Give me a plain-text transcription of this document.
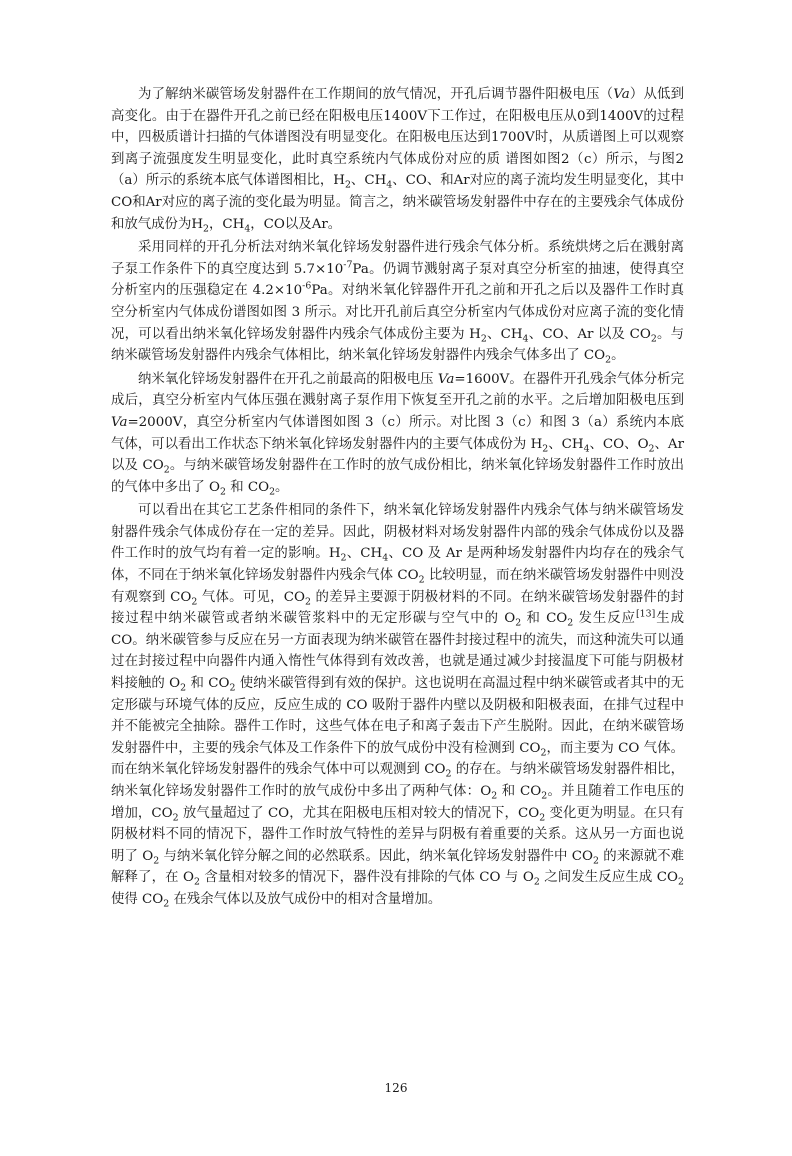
为了解纳米碳管场发射器件在工作期间的放气情况，开孔后调节器件阳极电压（Va）从低到高变化。由于在器件开孔之前已经在阳极电压1400V下工作过，在阳极电压从0到1400V的过程中，四极质谱计扫描的气体谱图没有明显变化。在阳极电压达到1700V时，从质谱图上可以观察到离子流强度发生明显变化，此时真空系统内气体成份对应的质 谱图如图2（c）所示，与图2（a）所示的系统本底气体谱图相比，$H_2$、$CH_4$、CO、和Ar对应的离子流均发生明显变化，其中CO和Ar对应的离子流的变化最为明显。简言之，纳米碳管场发射器件中存在的主要残余气体成份和放气成份为$H_2$，$CH_4$，CO以及Ar。

采用同样的开孔分析法对纳米氧化锌场发射器件进行残余气体分析。系统烘烤之后在溅射离子泵工作条件下的真空度达到 $5.7\times 10^{-7}Pa$。仍调节溅射离子泵对真空分析室的抽速，使得真空分析室内的压强稳定在 $4.2\times 10^{-6}Pa$。对纳米氧化锌器件开孔之前和开孔之后以及器件工作时真空分析室内气体成份谱图如图 3 所示。对比开孔前后真空分析室内气体成份对应离子流的变化情况，可以看出纳米氧化锌场发射器件内残余气体成份主要为 $H_2$、$CH_4$、CO、Ar 以及 $CO_2$。与纳米碳管场发射器件内残余气体相比，纳米氧化锌场发射器件内残余气体多出了 $CO_2$。

纳米氧化锌场发射器件在开孔之前最高的阳极电压 Va=1600V。在器件开孔残余气体分析完成后，真空分析室内气体压强在溅射离子泵作用下恢复至开孔之前的水平。之后增加阳极电压到 Va=2000V，真空分析室内气体谱图如图 3（c）所示。对比图 3（c）和图 3（a）系统内本底气体，可以看出工作状态下纳米氧化锌场发射器件内的主要气体成份为 $H_2$、$CH_4$、CO、$O_2$、Ar 以及 $CO_2$。与纳米碳管场发射器件在工作时的放气成份相比，纳米氧化锌场发射器件工作时放出的气体中多出了 $O_2$ 和 $CO_2$。

可以看出在其它工艺条件相同的条件下，纳米氧化锌场发射器件内残余气体与纳米碳管场发射器件残余气体成份存在一定的差异。因此，阴极材料对场发射器件内部的残余气体成份以及器件工作时的放气均有着一定的影响。$H_2$、$CH_4$、CO 及 Ar 是两种场发射器件内均存在的残余气体，不同在于纳米氧化锌场发射器件内残余气体 $CO_2$ 比较明显，而在纳米碳管场发射器件中则没有观察到 $CO_2$ 气体。可见，$CO_2$ 的差异主要源于阴极材料的不同。在纳米碳管场发射器件的封接过程中纳米碳管或者纳米碳管浆料中的无定形碳与空气中的 $O_2$ 和 $CO_2$ 发生反应[13]生成 CO。纳米碳管参与反应在另一方面表现为纳米碳管在器件封接过程中的流失，而这种流失可以通过在封接过程中向器件内通入惰性气体得到有效改善，也就是通过减少封接温度下可能与阴极材料接触的 $O_2$ 和 $CO_2$ 使纳米碳管得到有效的保护。这也说明在高温过程中纳米碳管或者其中的无定形碳与环境气体的反应，反应生成的 CO 吸附于器件内壁以及阴极和阳极表面，在排气过程中并不能被完全抽除。器件工作时，这些气体在电子和离子轰击下产生脱附。因此，在纳米碳管场发射器件中，主要的残余气体及工作条件下的放气成份中没有检测到 $CO_2$，而主要为 CO 气体。而在纳米氧化锌场发射器件的残余气体中可以观测到 $CO_2$ 的存在。与纳米碳管场发射器件相比，纳米氧化锌场发射器件工作时的放气成份中多出了两种气体：$O_2$ 和 $CO_2$。并且随着工作电压的增加，$CO_2$ 放气量超过了 CO，尤其在阳极电压相对较大的情况下，$CO_2$ 变化更为明显。在只有阴极材料不同的情况下，器件工作时放气特性的差异与阴极有着重要的关系。这从另一方面也说明了 $O_2$ 与纳米氧化锌分解之间的必然联系。因此，纳米氧化锌场发射器件中 $CO_2$ 的来源就不难解释了，在 $O_2$ 含量相对较多的情况下，器件没有排除的气体 CO 与 $O_2$ 之间发生反应生成 $CO_2$ 使得 $CO_2$ 在残余气体以及放气成份中的相对含量增加。

126
